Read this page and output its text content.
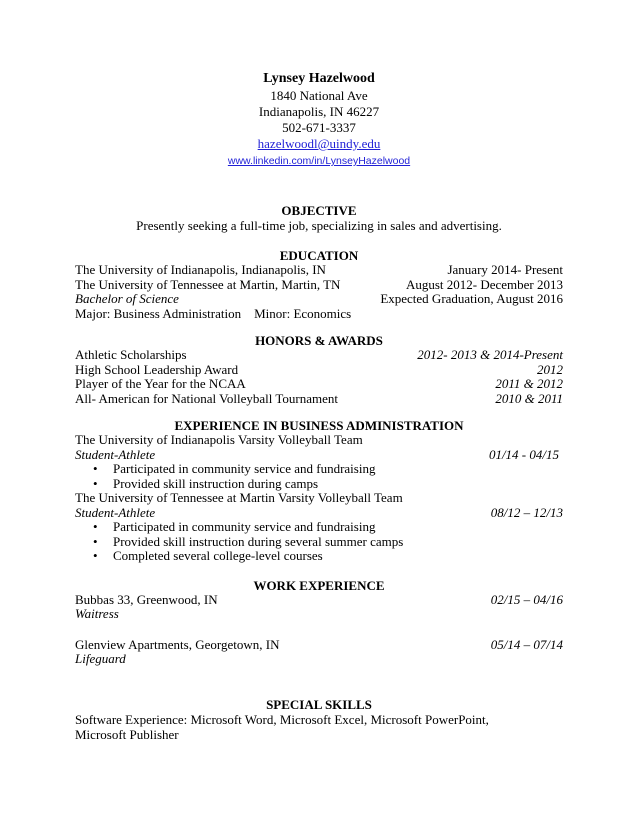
Lynsey Hazelwood
1840 National Ave
Indianapolis, IN 46227
502-671-3337
hazelwoodl@uindy.edu
www.linkedin.com/in/LynseyHazelwood
OBJECTIVE
Presently seeking a full-time job, specializing in sales and advertising.
EDUCATION
The University of Indianapolis, Indianapolis, IN	January 2014- Present
The University of Tennessee at Martin, Martin, TN	August 2012- December 2013
Bachelor of Science	Expected Graduation, August 2016
Major: Business Administration    Minor: Economics
HONORS & AWARDS
Athletic Scholarships	2012- 2013 & 2014-Present
High School Leadership Award	2012
Player of the Year for the NCAA	2011 & 2012
All- American for National Volleyball Tournament	2010 & 2011
EXPERIENCE IN BUSINESS ADMINISTRATION
The University of Indianapolis Varsity Volleyball Team
Student-Athlete	01/14 - 04/15
• Participated in community service and fundraising
• Provided skill instruction during camps
The University of Tennessee at Martin Varsity Volleyball Team
Student-Athlete	08/12 – 12/13
• Participated in community service and fundraising
• Provided skill instruction during several summer camps
• Completed several college-level courses
WORK EXPERIENCE
Bubbas 33, Greenwood, IN	02/15 – 04/16
Waitress
Glenview Apartments, Georgetown, IN	05/14 – 07/14
Lifeguard
SPECIAL SKILLS
Software Experience: Microsoft Word, Microsoft Excel, Microsoft PowerPoint, Microsoft Publisher
